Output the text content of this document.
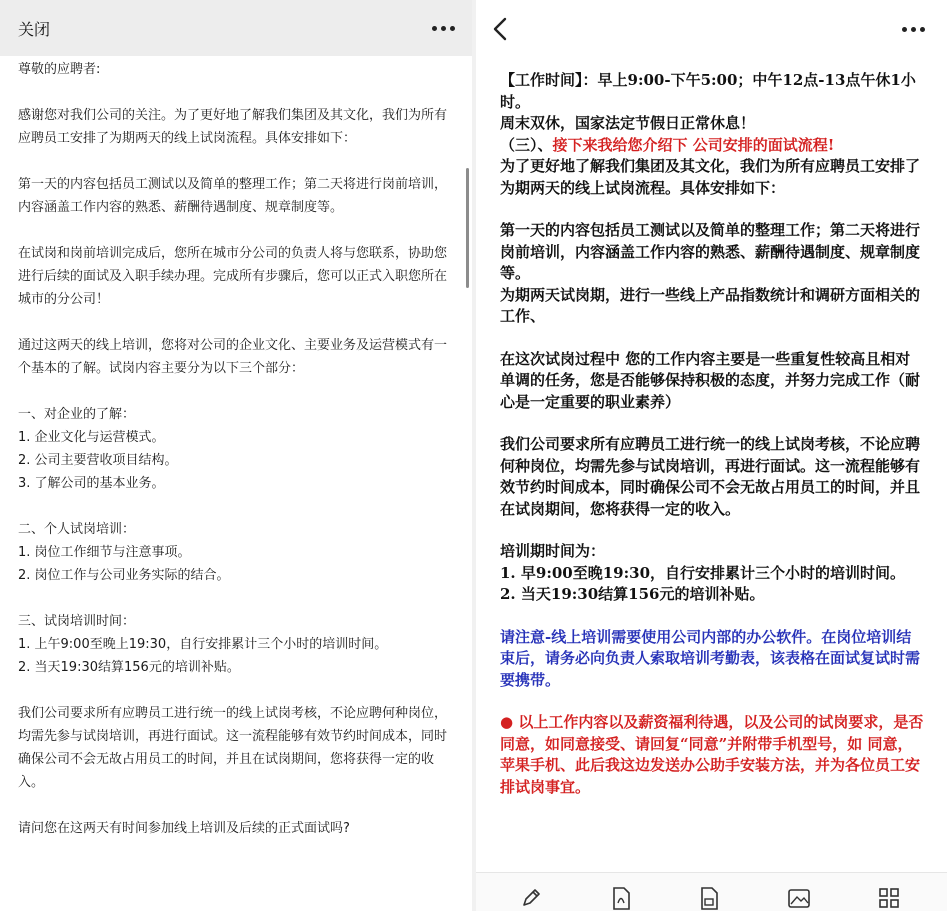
关闭

尊敬的应聘者:

感谢您对我们公司的关注。为了更好地了解我们集团及其文化，我们为所有应聘员工安排了为期两天的线上试岗流程。具体安排如下：

第一天的内容包括员工测试以及简单的整理工作；第二天将进行岗前培训，内容涵盖工作内容的熟悉、薪酬待遇制度、规章制度等。

在试岗和岗前培训完成后，您所在城市分公司的负责人将与您联系，协助您进行后续的面试及入职手续办理。完成所有步骤后，您可以正式入职您所在城市的分公司！

通过这两天的线上培训，您将对公司的企业文化、主要业务及运营模式有一个基本的了解。试岗内容主要分为以下三个部分：

一、对企业的了解：
1. 企业文化与运营模式。
2. 公司主要营收项目结构。
3. 了解公司的基本业务。

二、个人试岗培训：
1. 岗位工作细节与注意事项。
2. 岗位工作与公司业务实际的结合。

三、试岗培训时间：
1. 上午9:00至晚上19:30，自行安排累计三个小时的培训时间。
2. 当天19:30结算156元的培训补贴。

我们公司要求所有应聘员工进行统一的线上试岗考核，不论应聘何种岗位，均需先参与试岗培训，再进行面试。这一流程能够有效节约时间成本，同时确保公司不会无故占用员工的时间，并且在试岗期间，您将获得一定的收入。

请问您在这两天有时间参加线上培训及后续的正式面试吗?

【工作时间】：早上9:00-下午5:00；中午12点-13点午休1小时。
周末双休，国家法定节假日正常休息！
（三）、接下来我给您介绍下 公司安排的面试流程!

为了更好地了解我们集团及其文化，我们为所有应聘员工安排了为期两天的线上试岗流程。具体安排如下：

第一天的内容包括员工测试以及简单的整理工作；第二天将进行岗前培训，内容涵盖工作内容的熟悉、薪酬待遇制度、规章制度等。

为期两天试岗期，进行一些线上产品指数统计和调研方面相关的工作、

在这次试岗过程中 您的工作内容主要是一些重复性较高且相对单调的任务，您是否能够保持积极的态度，并努力完成工作（耐心是一定重要的职业素养）

我们公司要求所有应聘员工进行统一的线上试岗考核，不论应聘何种岗位，均需先参与试岗培训，再进行面试。这一流程能够有效节约时间成本，同时确保公司不会无故占用员工的时间，并且在试岗期间，您将获得一定的收入。

培训期时间为：
1. 早9:00至晚19:30，自行安排累计三个小时的培训时间。
2. 当天19:30结算156元的培训补贴。

请注意-线上培训需要使用公司内部的办公软件。在岗位培训结束后，请务必向负责人索取培训考勤表，该表格在面试复试时需要携带。

● 以上工作内容以及薪资福利待遇，以及公司的试岗要求，是否同意，如同意接受、请回复“同意”并附带手机型号，如 同意，苹果手机、此后我这边发送办公助手安装方法，并为各位员工安排试岗事宜。
